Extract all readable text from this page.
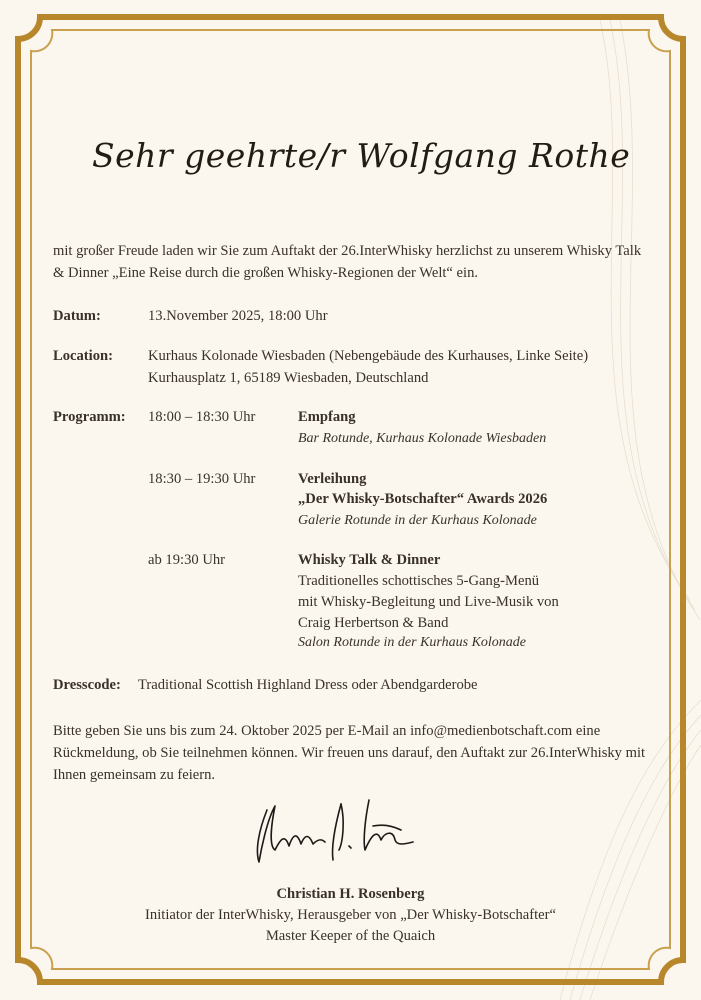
Sehr geehrte/r Wolfgang Rothe
mit großer Freude laden wir Sie zum Auftakt der 26.InterWhisky herzlichst zu unserem Whisky Talk & Dinner „Eine Reise durch die großen Whisky-Regionen der Welt“ ein.
Datum:	13.November 2025, 18:00 Uhr
Location: Kurhaus Kolonade Wiesbaden (Nebengebäude des Kurhauses, Linke Seite) Kurhausplatz 1, 65189 Wiesbaden, Deutschland
Programm: 18:00 – 18:30 Uhr	Empfang
Bar Rotunde, Kurhaus Kolonade Wiesbaden
18:30 – 19:30 Uhr	Verleihung
„Der Whisky-Botschafter“ Awards 2026
Galerie Rotunde in der Kurhaus Kolonade
ab 19:30 Uhr	Whisky Talk & Dinner
Traditionelles schottisches 5-Gang-Menü
mit Whisky-Begleitung und Live-Musik von
Craig Herbertson & Band
Salon Rotunde in der Kurhaus Kolonade
Dresscode: Traditional Scottish Highland Dress oder Abendgarderobe
Bitte geben Sie uns bis zum 24. Oktober 2025 per E-Mail an info@medienbotschaft.com eine Rückmeldung, ob Sie teilnehmen können. Wir freuen uns darauf, den Auftakt zur 26.InterWhisky mit Ihnen gemeinsam zu feiern.
Christian H. Rosenberg
Initiator der InterWhisky, Herausgeber von „Der Whisky-Botschafter“
Master Keeper of the Quaich
